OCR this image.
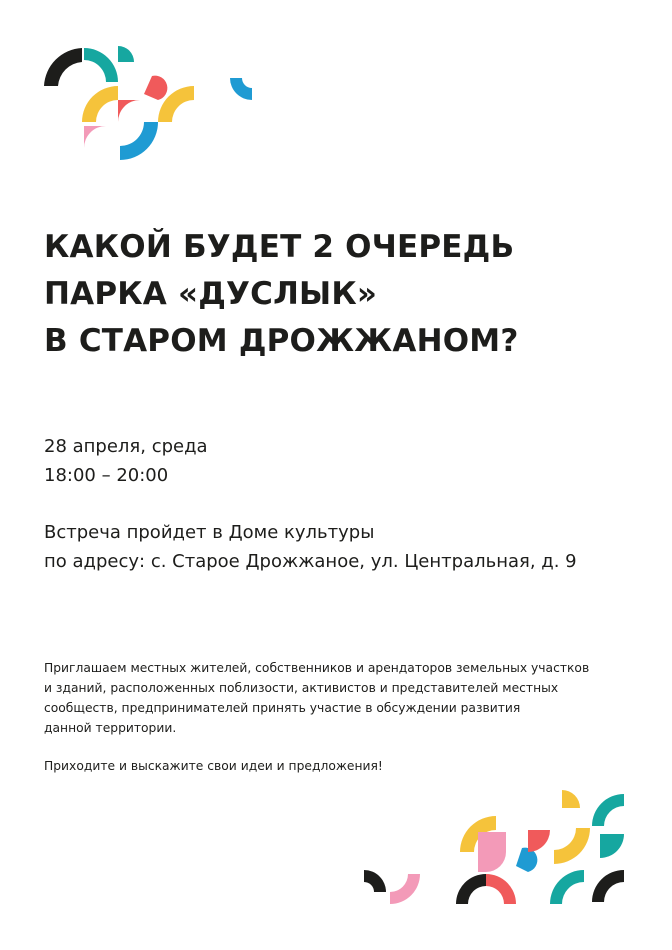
КАКОЙ БУДЕТ 2 ОЧЕРЕДЬ
ПАРКА «ДУСЛЫК»
В СТАРОМ ДРОЖЖАНОМ?
28 апреля, среда
18:00 – 20:00
Встреча пройдет в Доме культуры
по адресу: с. Старое Дрожжаное, ул. Центральная, д. 9
Приглашаем местных жителей, собственников и арендаторов земельных участков
и зданий, расположенных поблизости, активистов и представителей местных
сообществ, предпринимателей принять участие в обсуждении развития
данной территории.
Приходите и выскажите свои идеи и предложения!
